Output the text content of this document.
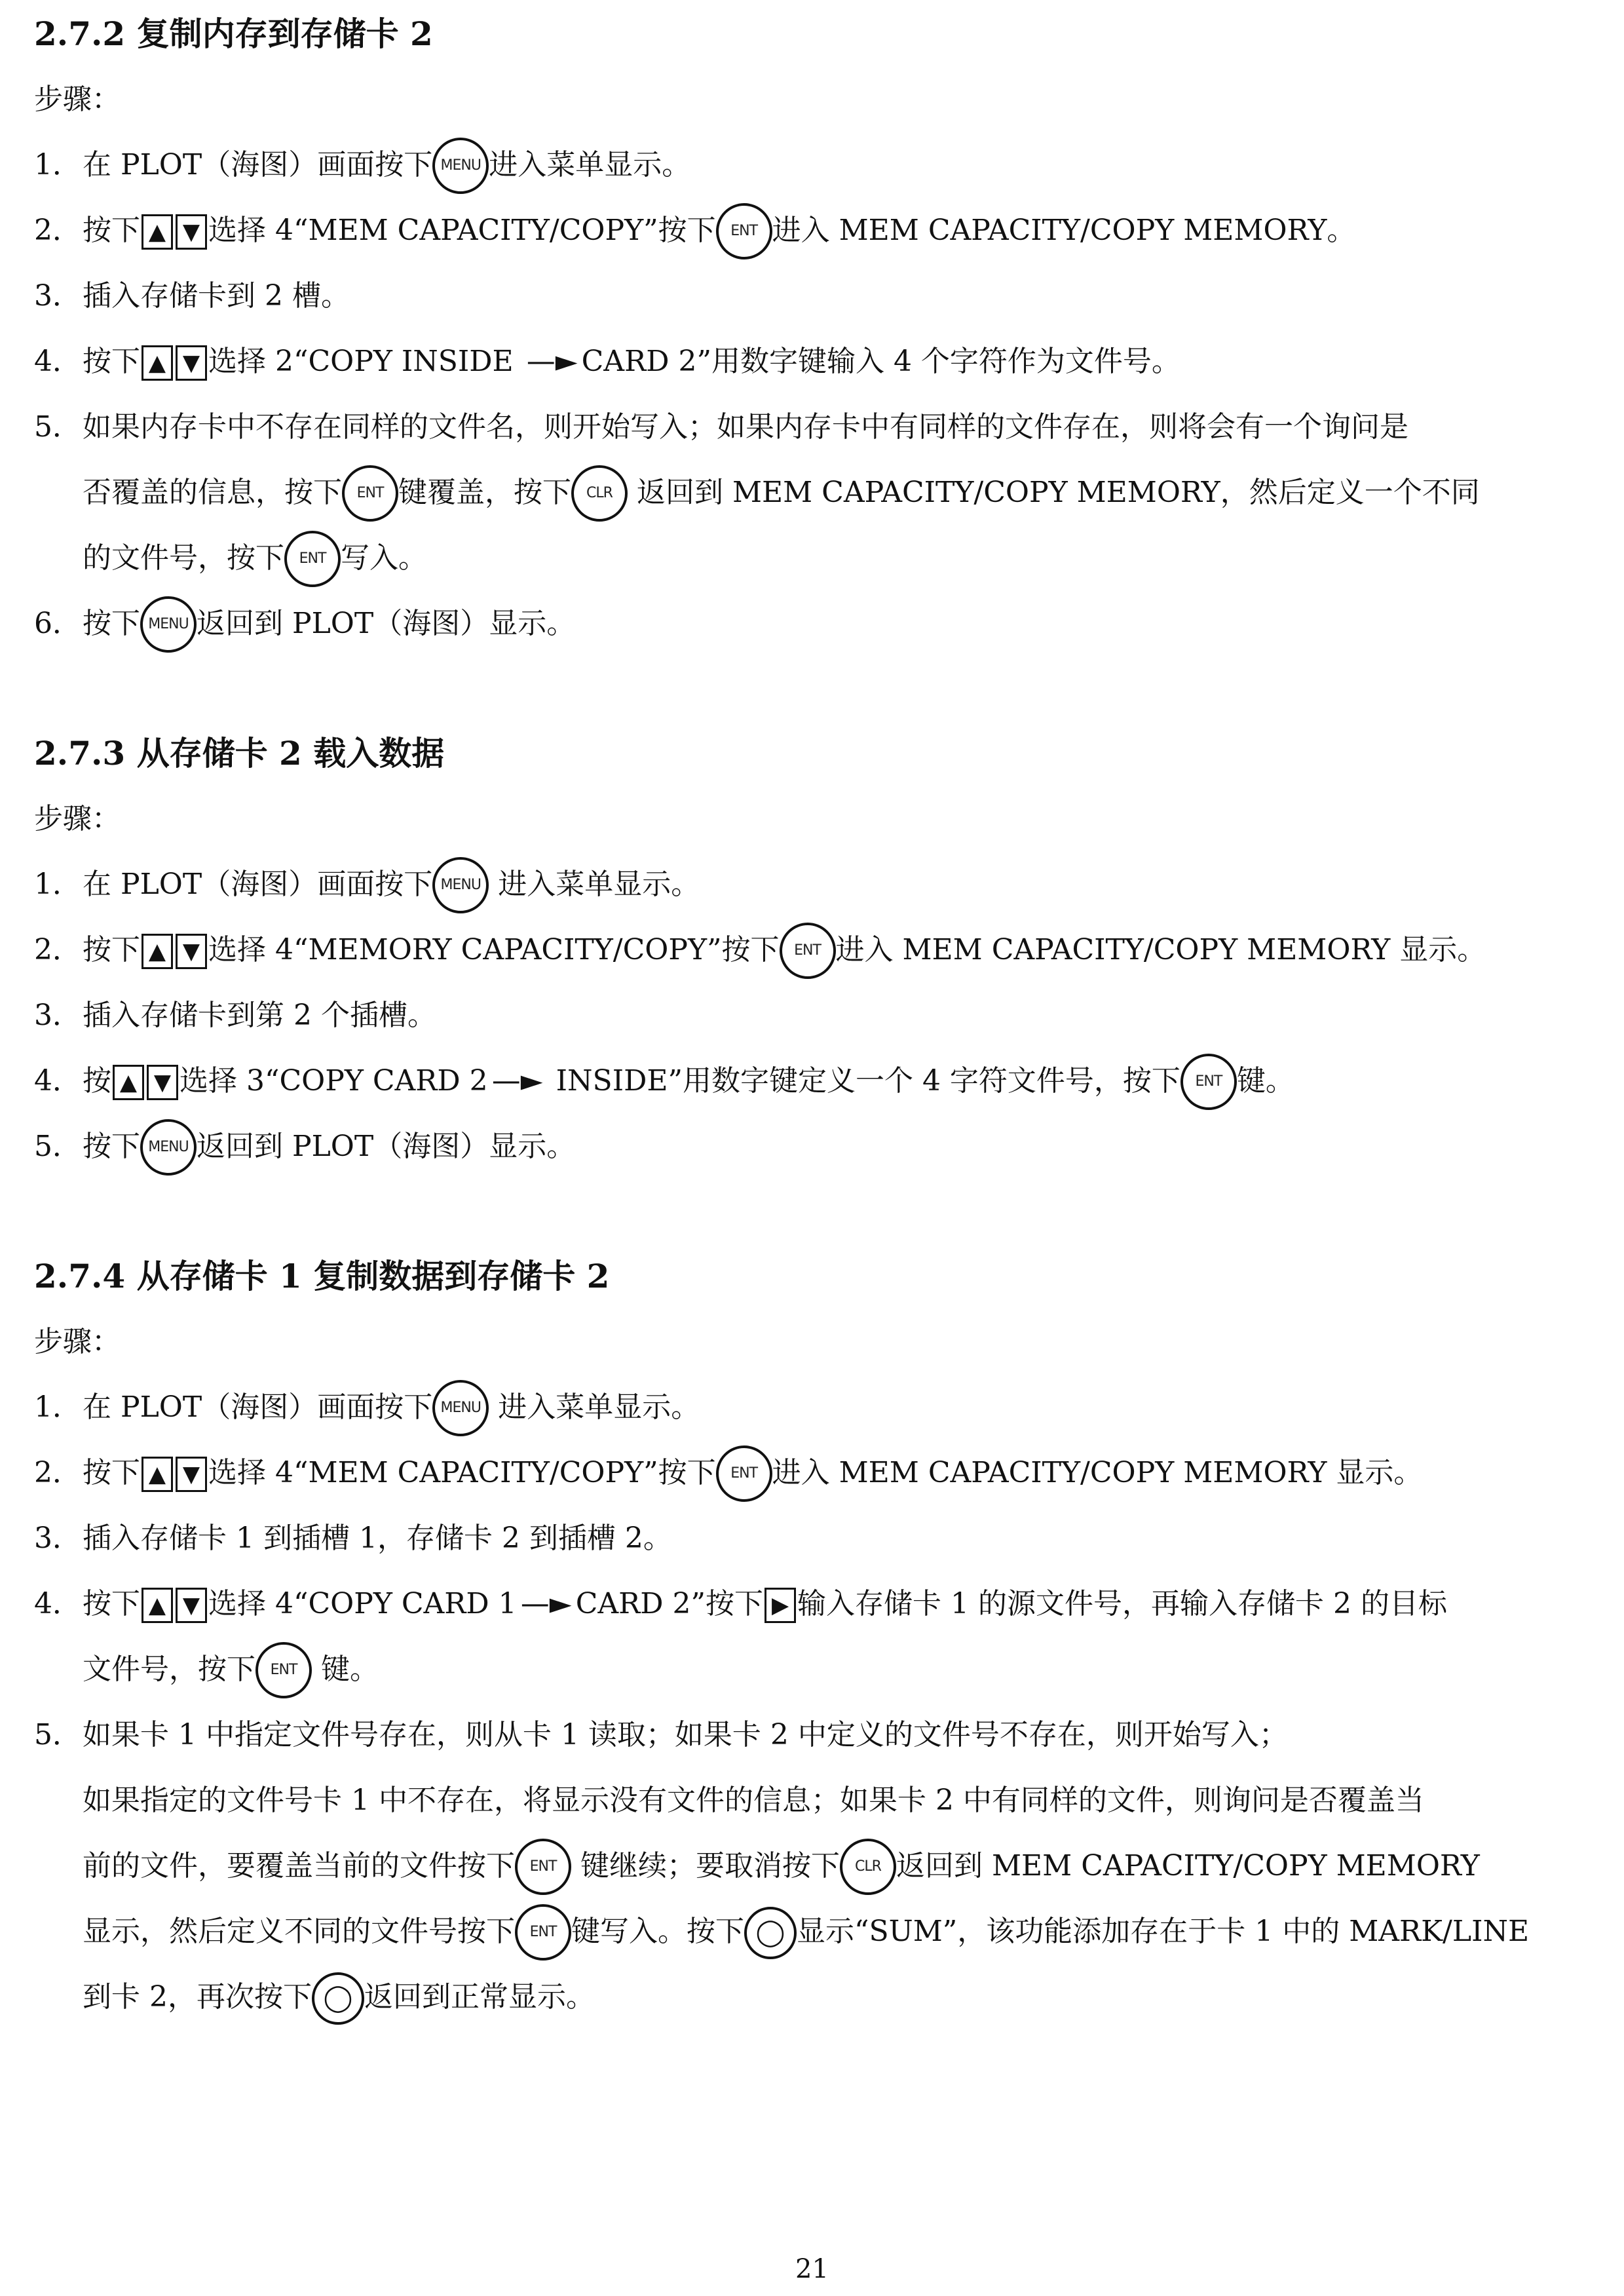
2.7.2 复制内存到存储卡 2
步骤：
1．在 PLOT（海图）画面按下 MENU 进入菜单显示。
2．按下 ▲ ▼ 选择 4“MEM CAPACITY/COPY”按下 ENT 进入 MEM CAPACITY/COPY MEMORY。
3．插入存储卡到 2 槽。
4．按下 ▲ ▼ 选择 2“COPY INSIDE —► CARD 2”用数字键输入 4 个字符作为文件号。
5．如果内存卡中不存在同样的文件名，则开始写入；如果内存卡中有同样的文件存在，则将会有一个询问是
否覆盖的信息，按下 ENT 键覆盖，按下 CLR 返回到 MEM CAPACITY/COPY MEMORY，然后定义一个不同
的文件号，按下 ENT 写入。
6．按下 MENU 返回到 PLOT（海图）显示。
2.7.3 从存储卡 2 载入数据
步骤：
1．在 PLOT（海图）画面按下 MENU 进入菜单显示。
2．按下 ▲ ▼ 选择 4“MEMORY CAPACITY/COPY”按下 ENT 进入 MEM CAPACITY/COPY MEMORY 显示。
3．插入存储卡到第 2 个插槽。
4．按 ▲ ▼ 选择 3“COPY CARD 2 —► INSIDE”用数字键定义一个 4 字符文件号，按下 ENT 键。
5．按下 MENU 返回到 PLOT（海图）显示。
2.7.4 从存储卡 1 复制数据到存储卡 2
步骤：
1．在 PLOT（海图）画面按下 MENU 进入菜单显示。
2．按下 ▲ ▼ 选择 4“MEM CAPACITY/COPY”按下 ENT 进入 MEM CAPACITY/COPY MEMORY 显示。
3．插入存储卡 1 到插槽 1，存储卡 2 到插槽 2。
4．按下 ▲ ▼ 选择 4“COPY CARD 1 —► CARD 2”按下 ▶ 输入存储卡 1 的源文件号，再输入存储卡 2 的目标
文件号，按下 ENT 键。
5．如果卡 1 中指定文件号存在，则从卡 1 读取；如果卡 2 中定义的文件号不存在，则开始写入；
如果指定的文件号卡 1 中不存在，将显示没有文件的信息；如果卡 2 中有同样的文件，则询问是否覆盖当
前的文件，要覆盖当前的文件按下 ENT 键继续；要取消按下 CLR 返回到 MEM CAPACITY/COPY MEMORY
显示，然后定义不同的文件号按下 ENT 键写入。按下 ◯ 显示“SUM”，该功能添加存在于卡 1 中的 MARK/LINE
到卡 2，再次按下 ◯ 返回到正常显示。
21
